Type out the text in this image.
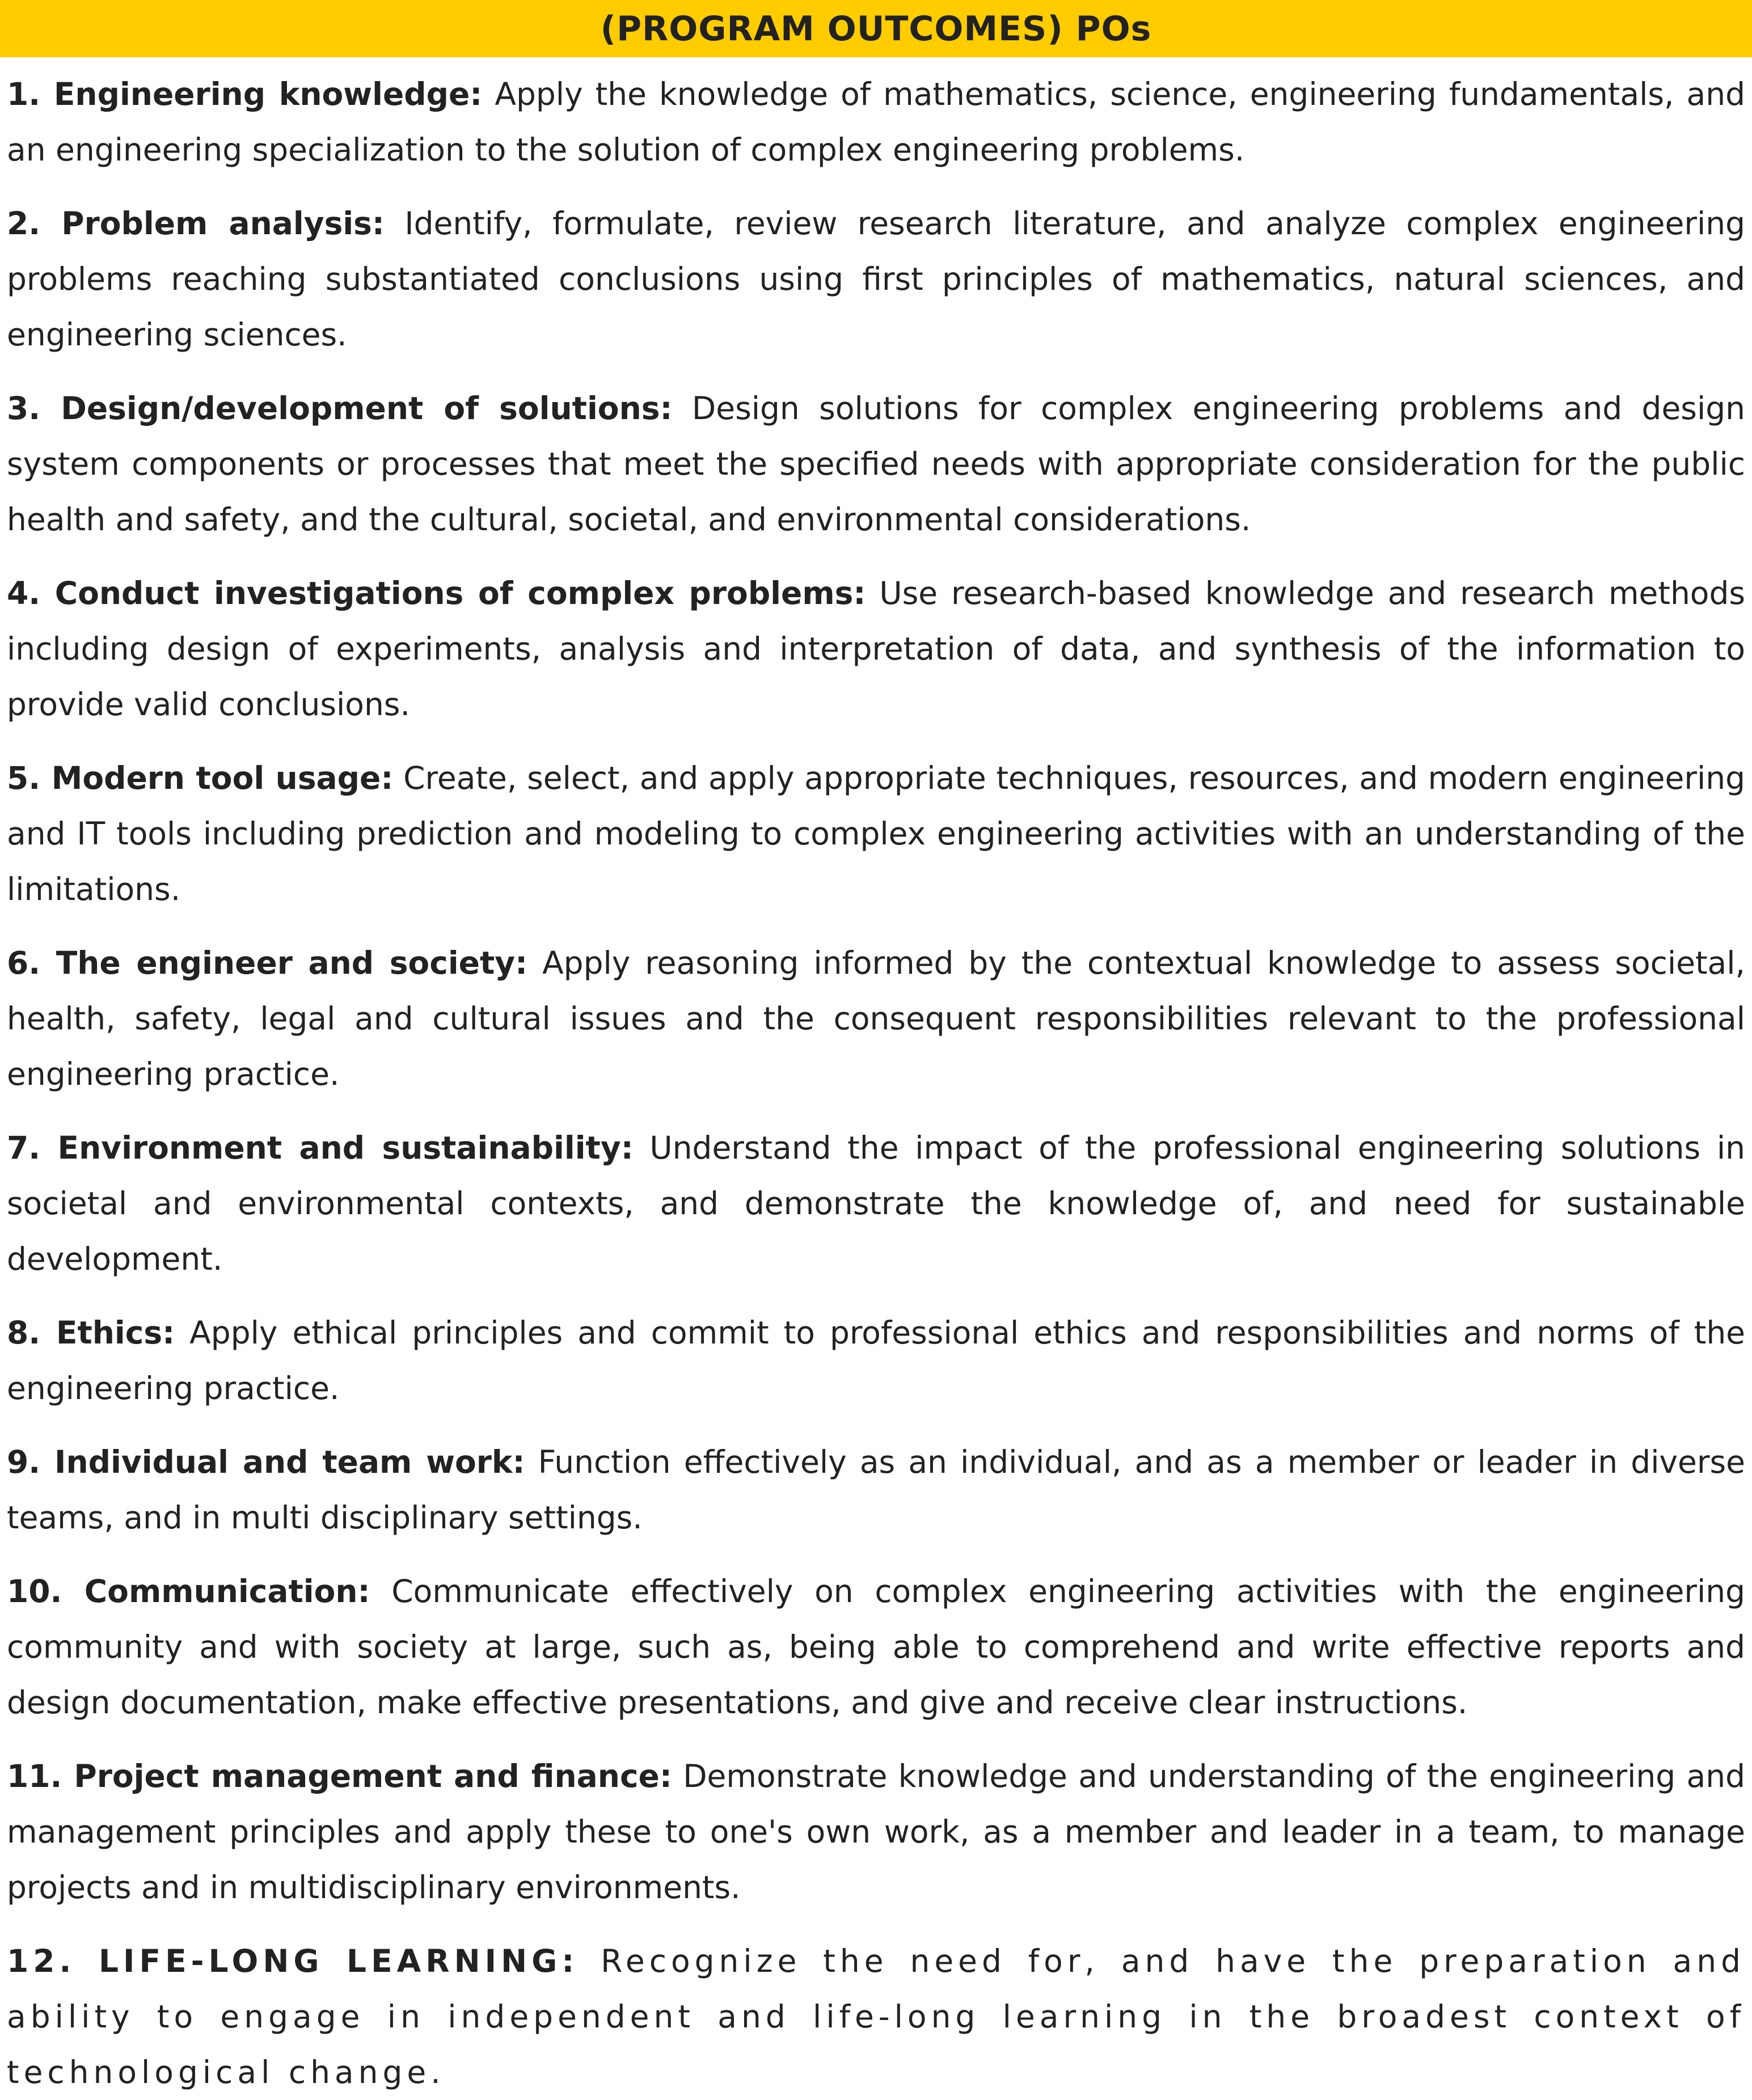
(PROGRAM OUTCOMES) POs

1. Engineering knowledge: Apply the knowledge of mathematics, science, engineering fundamentals, and an engineering specialization to the solution of complex engineering problems.

2. Problem analysis: Identify, formulate, review research literature, and analyze complex engineering problems reaching substantiated conclusions using first principles of mathematics, natural sciences, and engineering sciences.

3. Design/development of solutions: Design solutions for complex engineering problems and design system components or processes that meet the specified needs with appropriate consideration for the public health and safety, and the cultural, societal, and environmental considerations.

4. Conduct investigations of complex problems: Use research-based knowledge and research methods including design of experiments, analysis and interpretation of data, and synthesis of the information to provide valid conclusions.

5. Modern tool usage: Create, select, and apply appropriate techniques, resources, and modern engineering and IT tools including prediction and modeling to complex engineering activities with an understanding of the limitations.

6. The engineer and society: Apply reasoning informed by the contextual knowledge to assess societal, health, safety, legal and cultural issues and the consequent responsibilities relevant to the professional engineering practice.

7. Environment and sustainability: Understand the impact of the professional engineering solutions in societal and environmental contexts, and demonstrate the knowledge of, and need for sustainable development.

8. Ethics: Apply ethical principles and commit to professional ethics and responsibilities and norms of the engineering practice.

9. Individual and team work: Function effectively as an individual, and as a member or leader in diverse teams, and in multi disciplinary settings.

10. Communication: Communicate effectively on complex engineering activities with the engineering community and with society at large, such as, being able to comprehend and write effective reports and design documentation, make effective presentations, and give and receive clear instructions.

11. Project management and finance: Demonstrate knowledge and understanding of the engineering and management principles and apply these to one's own work, as a member and leader in a team, to manage projects and in multidisciplinary environments.

12. LIFE-LONG LEARNING: Recognize the need for, and have the preparation and ability to engage in independent and life-long learning in the broadest context of technological change.
